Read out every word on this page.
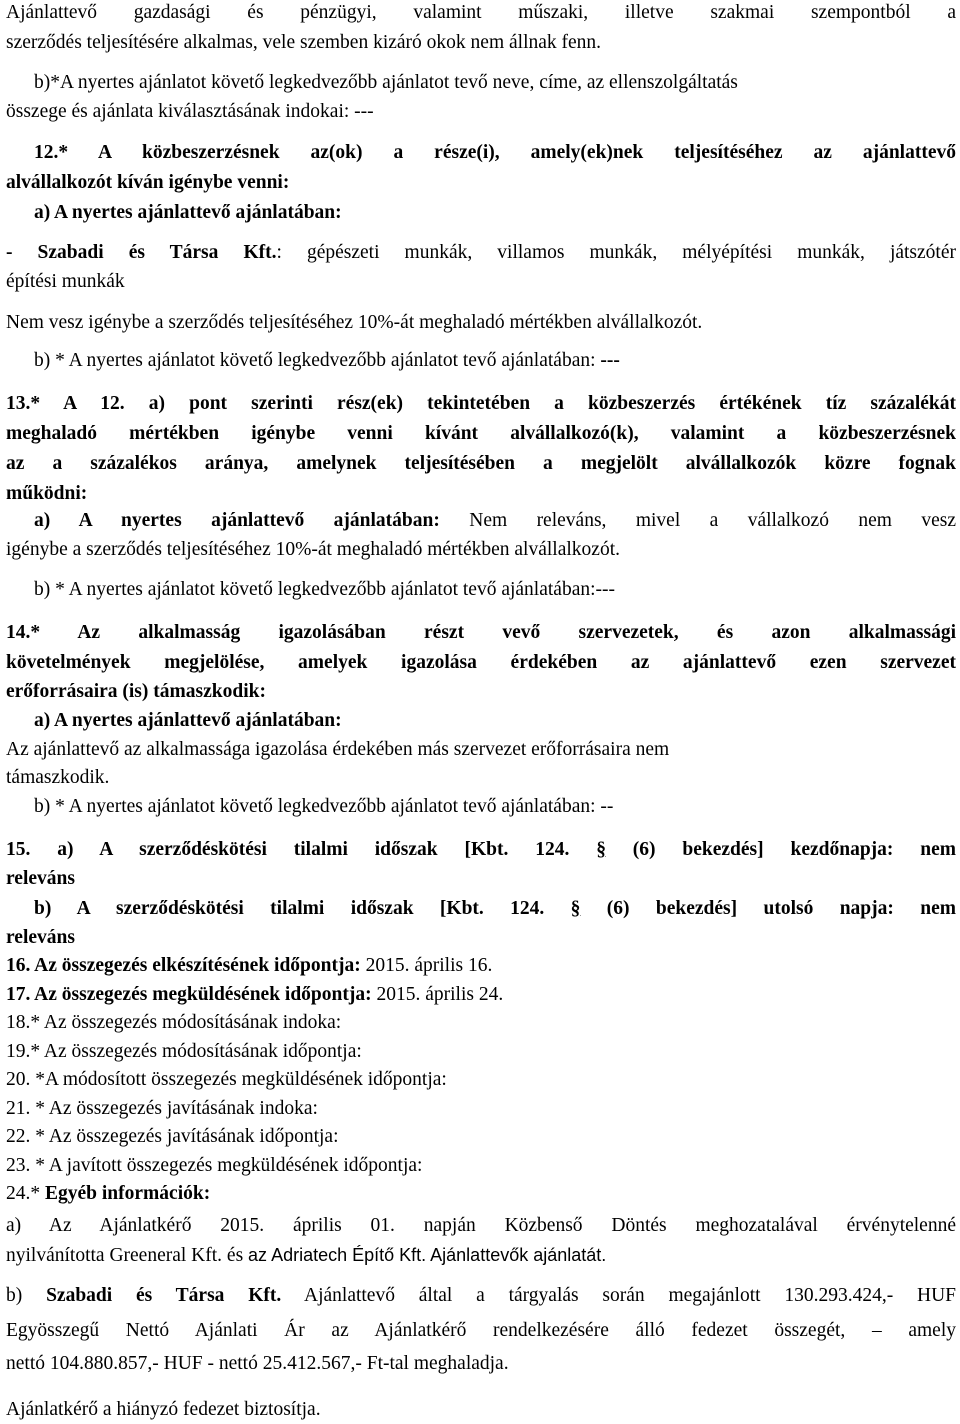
Ajánlattevő gazdasági és pénzügyi, valamint műszaki, illetve szakmai szempontból a
szerződés teljesítésére alkalmas, vele szemben kizáró okok nem állnak fenn.
b)*A nyertes ajánlatot követő legkedvezőbb ajánlatot tevő neve, címe, az ellenszolgáltatás
összege és ajánlata kiválasztásának indokai: ---
12.* A közbeszerzésnek az(ok) a része(i), amely(ek)nek teljesítéséhez az ajánlattevő
alvállalkozót kíván igénybe venni:
a) A nyertes ajánlattevő ajánlatában:
- Szabadi és Társa Kft.: gépészeti munkák, villamos munkák, mélyépítési munkák, játszótér
építési munkák
Nem vesz igénybe a szerződés teljesítéséhez 10%-át meghaladó mértékben alvállalkozót.
b) * A nyertes ajánlatot követő legkedvezőbb ajánlatot tevő ajánlatában: ---
13.* A 12. a) pont szerinti rész(ek) tekintetében a közbeszerzés értékének tíz százalékát
meghaladó mértékben igénybe venni kívánt alvállalkozó(k), valamint a közbeszerzésnek
az a százalékos aránya, amelynek teljesítésében a megjelölt alvállalkozók közre fognak
működni:
a) A nyertes ajánlattevő ajánlatában: Nem releváns, mivel a vállalkozó nem vesz
igénybe a szerződés teljesítéséhez 10%-át meghaladó mértékben alvállalkozót.
b) * A nyertes ajánlatot követő legkedvezőbb ajánlatot tevő ajánlatában:---
14.* Az alkalmasság igazolásában részt vevő szervezetek, és azon alkalmassági
követelmények megjelölése, amelyek igazolása érdekében az ajánlattevő ezen szervezet
erőforrásaira (is) támaszkodik:
a) A nyertes ajánlattevő ajánlatában:
Az ajánlattevő az alkalmassága igazolása érdekében más szervezet erőforrásaira nem
támaszkodik.
b) * A nyertes ajánlatot követő legkedvezőbb ajánlatot tevő ajánlatában: --
15. a) A szerződéskötési tilalmi időszak [Kbt. 124. § (6) bekezdés] kezdőnapja: nem
releváns
b) A szerződéskötési tilalmi időszak [Kbt. 124. § (6) bekezdés] utolsó napja: nem
releváns
16. Az összegezés elkészítésének időpontja: 2015. április 16.
17. Az összegezés megküldésének időpontja: 2015. április 24.
18.* Az összegezés módosításának indoka:
19.* Az összegezés módosításának időpontja:
20. *A módosított összegezés megküldésének időpontja:
21. * Az összegezés javításának indoka:
22. * Az összegezés javításának időpontja:
23. * A javított összegezés megküldésének időpontja:
24.* Egyéb információk:
a) Az Ajánlatkérő 2015. április 01. napján Közbenső Döntés meghozatalával érvénytelenné
nyilvánította Greeneral Kft. és az Adriatech Építő Kft. Ajánlattevők ajánlatát.
b) Szabadi és Társa Kft. Ajánlattevő által a tárgyalás során megajánlott 130.293.424,- HUF
Egyösszegű Nettó Ajánlati Ár az Ajánlatkérő rendelkezésére álló fedezet összegét, – amely
nettó 104.880.857,- HUF - nettó 25.412.567,- Ft-tal meghaladja.
Ajánlatkérő a hiányzó fedezet biztosítja.
